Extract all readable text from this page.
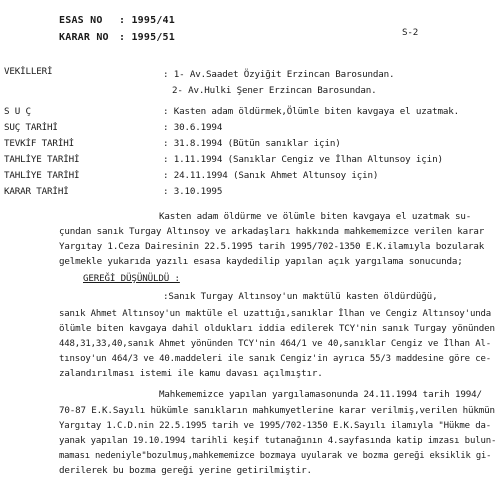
ESAS NO : 1995/41
KARAR NO : 1995/51	S-2
VEKİLLERİ
S U Ç
SUÇ TARİHİ
TEVKİF TARİHİ
TAHLİYE TARİHİ
TAHLİYE TARİHİ
KARAR TARİHİ
: 1- Av.Saadet Özyiğit Erzincan Barosundan.
2- Av.Hulki Şener Erzincan Barosundan.
: Kasten adam öldürmek,Ölümle biten kavgaya el uzatmak.
: 30.6.1994
: 31.8.1994 (Bütün sanıklar için)
: 1.11.1994 (Sanıklar Cengiz ve İlhan Altunsoy için)
: 24.11.1994 (Sanık Ahmet Altunsoy için)
: 3.10.1995
Kasten adam öldürme ve ölümle biten kavgaya el uzatmak su-
çundan sanık Turgay Altınsoy ve arkadaşları hakkında mahkememizce verilen karar
Yargıtay 1.Ceza Dairesinin 22.5.1995 tarih 1995/702-1350 E.K.ilamıyla bozularak
gelmekle yukarıda yazılı esasa kaydedilip yapılan açık yargılama sonucunda;
GEREĞİ DÜŞÜNÜLDÜ :
:Sanık Turgay Altınsoy'un maktülü kasten öldürdüğü,
sanık Ahmet Altınsoy'un maktüle el uzattığı,sanıklar İlhan ve Cengiz Altınsoy'unda
ölümle biten kavgaya dahil oldukları iddia edilerek TCY'nin sanık Turgay yönünden
448,31,33,40,sanık Ahmet yönünden TCY'nin 464/1 ve 40,sanıklar Cengiz ve İlhan Al-
tınsoy'un 464/3 ve 40.maddeleri ile sanık Cengiz'in ayrıca 55/3 maddesine göre ce-
zalandırılması istemi ile kamu davası açılmıştır.
Mahkememizce yapılan yargılamasonunda 24.11.1994 tarih 1994/
70-87 E.K.Sayılı hükümle sanıkların mahkumyetlerine karar verilmiş,verilen hükmün
Yargıtay 1.C.D.nin 22.5.1995 tarih ve 1995/702-1350 E.K.Sayılı ilamıyla "Hükme da-
yanak yapılan 19.10.1994 tarihli keşif tutanağının 4.sayfasında katip imzası bulun-
maması nedeniyle"bozulmuş,mahkememizce bozmaya uyularak ve bozma gereği eksiklik gi-
derilerek bu bozma gereği yerine getirilmiştir.
